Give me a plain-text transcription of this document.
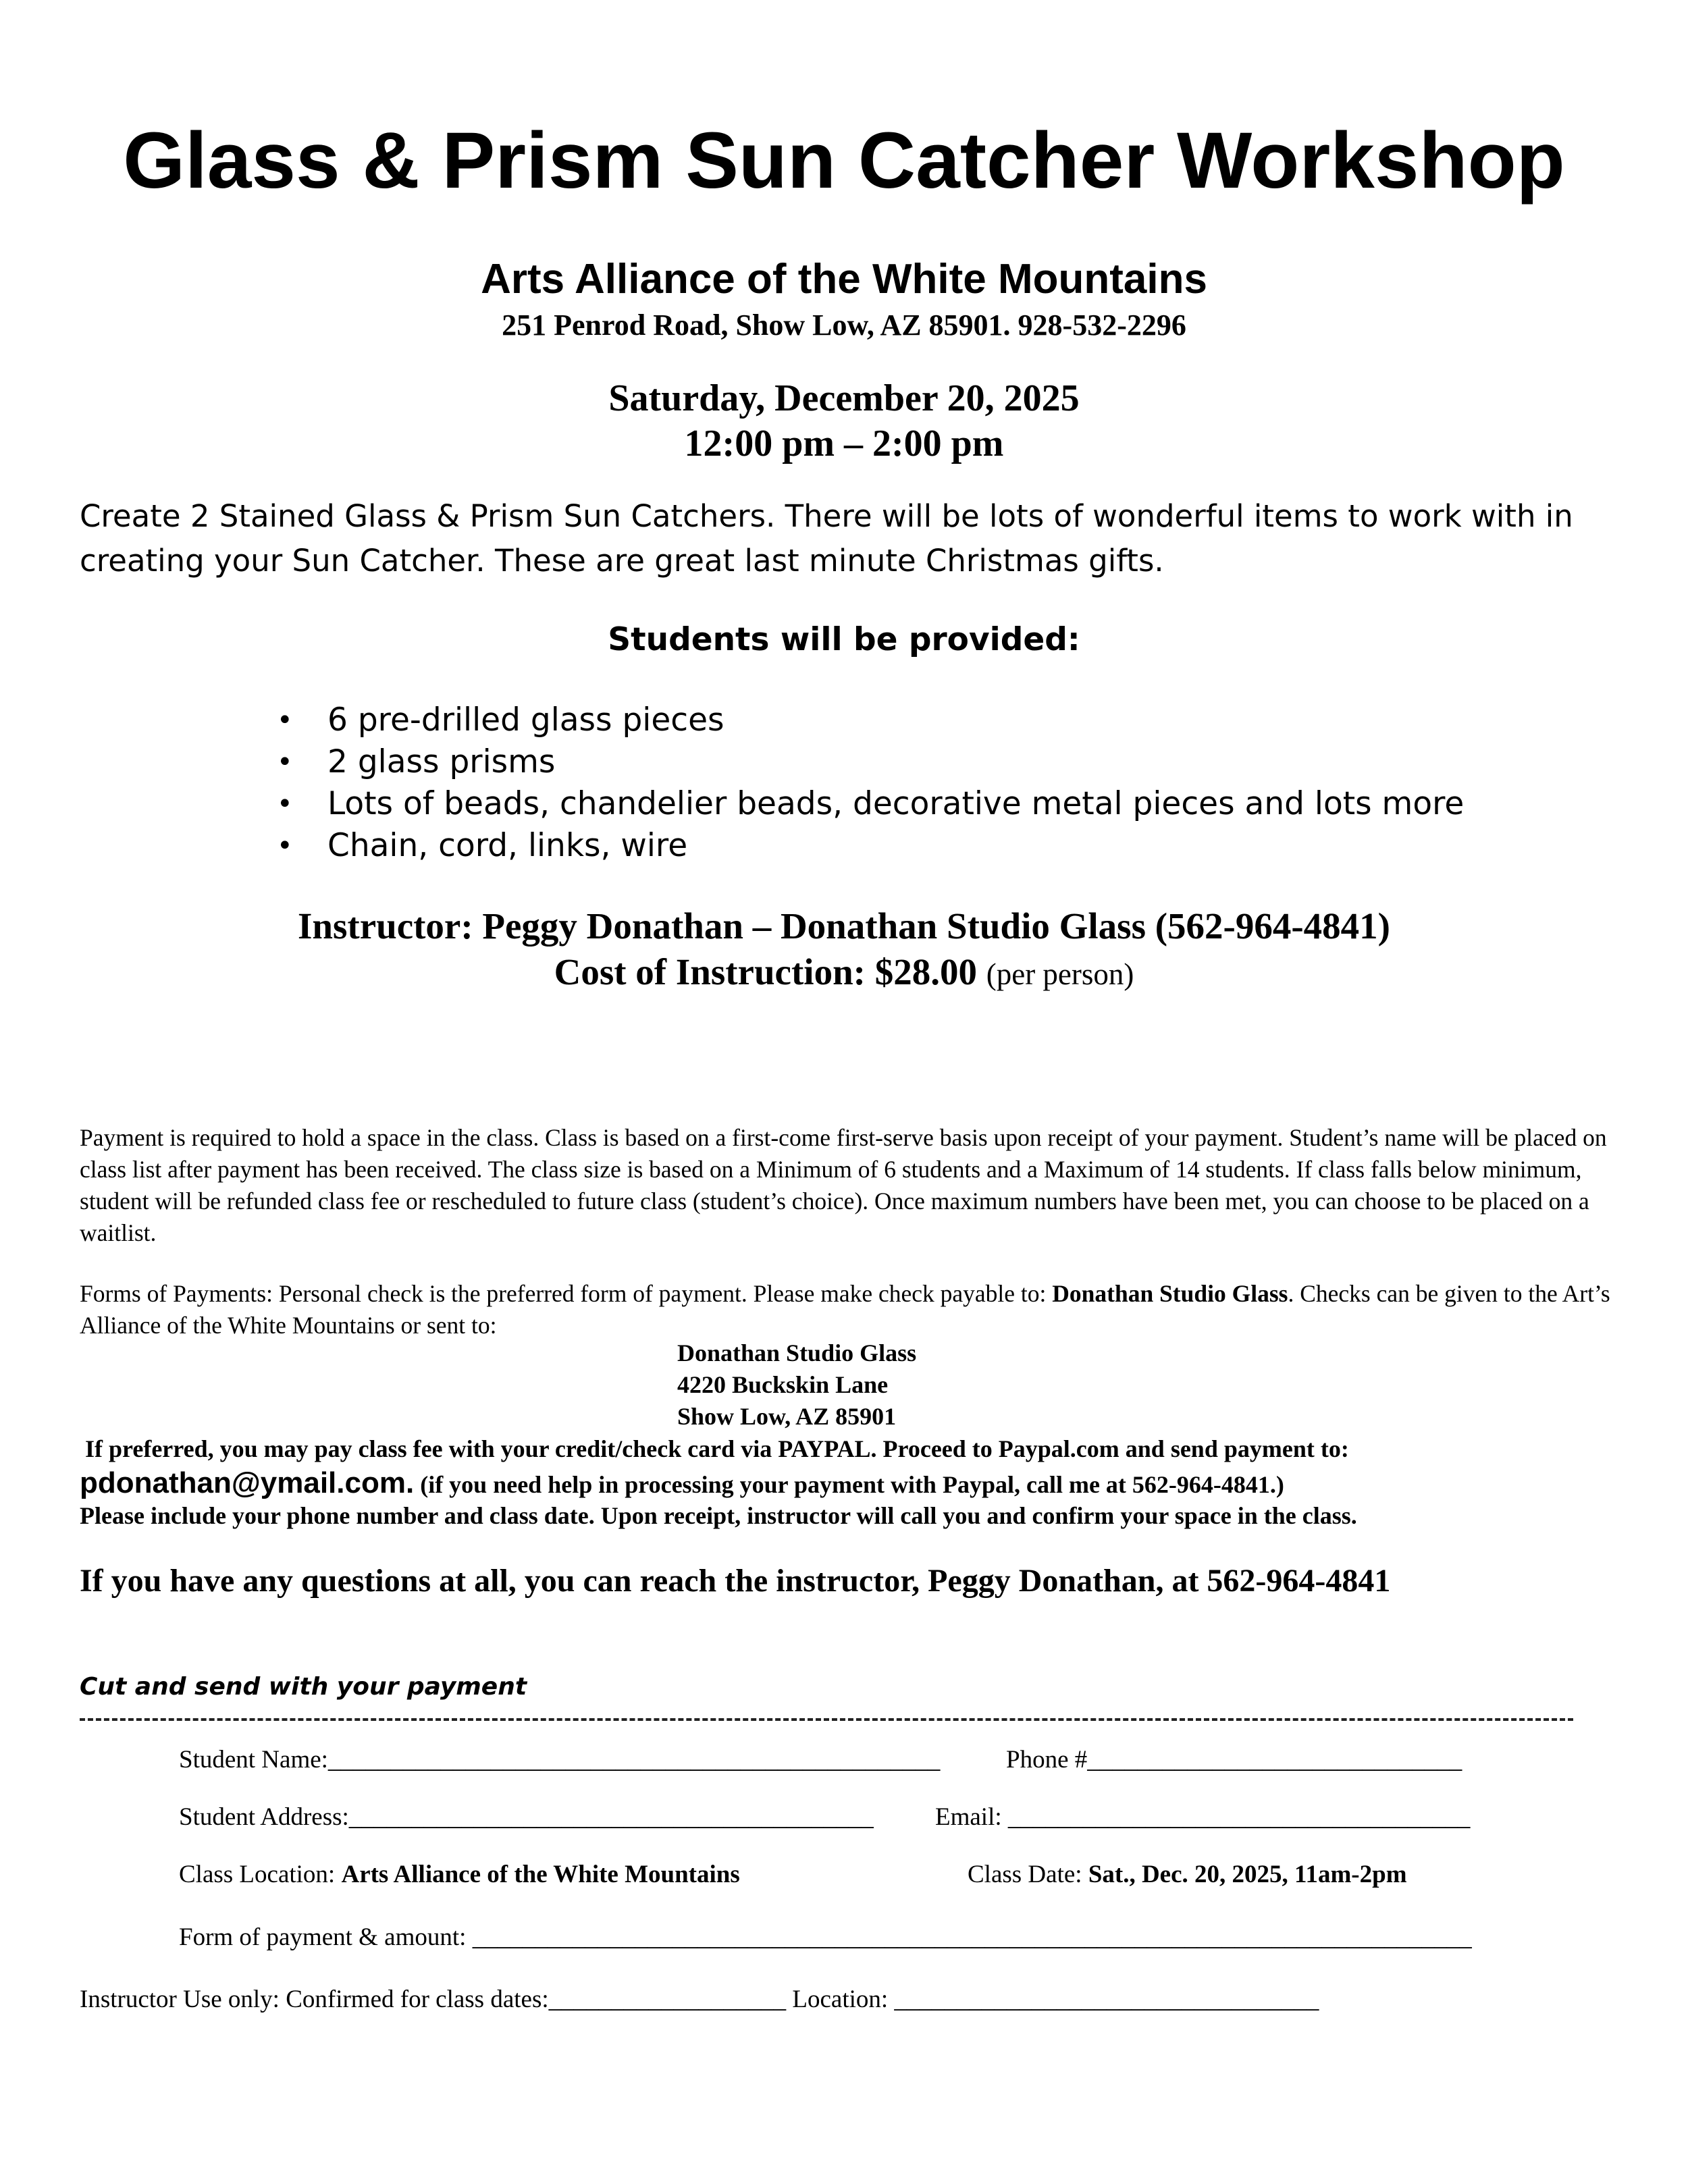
Glass & Prism Sun Catcher Workshop
Arts Alliance of the White Mountains
251 Penrod Road, Show Low, AZ 85901. 928-532-2296
Saturday, December 20, 2025
12:00 pm – 2:00 pm
Create 2 Stained Glass & Prism Sun Catchers. There will be lots of wonderful items to work with in creating your Sun Catcher. These are great last minute Christmas gifts.
Students will be provided:
• 6 pre-drilled glass pieces
• 2 glass prisms
• Lots of beads, chandelier beads, decorative metal pieces and lots more
• Chain, cord, links, wire
Instructor: Peggy Donathan – Donathan Studio Glass (562-964-4841)
Cost of Instruction: $28.00 (per person)
Payment is required to hold a space in the class. Class is based on a first-come first-serve basis upon receipt of your payment. Student’s name will be placed on class list after payment has been received. The class size is based on a Minimum of 6 students and a Maximum of 14 students. If class falls below minimum, student will be refunded class fee or rescheduled to future class (student’s choice). Once maximum numbers have been met, you can choose to be placed on a waitlist.
Forms of Payments: Personal check is the preferred form of payment. Please make check payable to: Donathan Studio Glass. Checks can be given to the Art’s Alliance of the White Mountains or sent to:
Donathan Studio Glass
4220 Buckskin Lane
Show Low, AZ 85901
If preferred, you may pay class fee with your credit/check card via PAYPAL. Proceed to Paypal.com and send payment to:
pdonathan@ymail.com. (if you need help in processing your payment with Paypal, call me at 562-964-4841.)
Please include your phone number and class date. Upon receipt, instructor will call you and confirm your space in the class.
If you have any questions at all, you can reach the instructor, Peggy Donathan, at 562-964-4841
Cut and send with your payment
Student Name:_________________________________________________	Phone #______________________________
Student Address:__________________________________________ Email: _____________________________________
Class Location: Arts Alliance of the White Mountains	Class Date: Sat., Dec. 20, 2025, 11am-2pm
Form of payment & amount: ________________________________________________________________________________
Instructor Use only: Confirmed for class dates:___________________ Location: __________________________________
